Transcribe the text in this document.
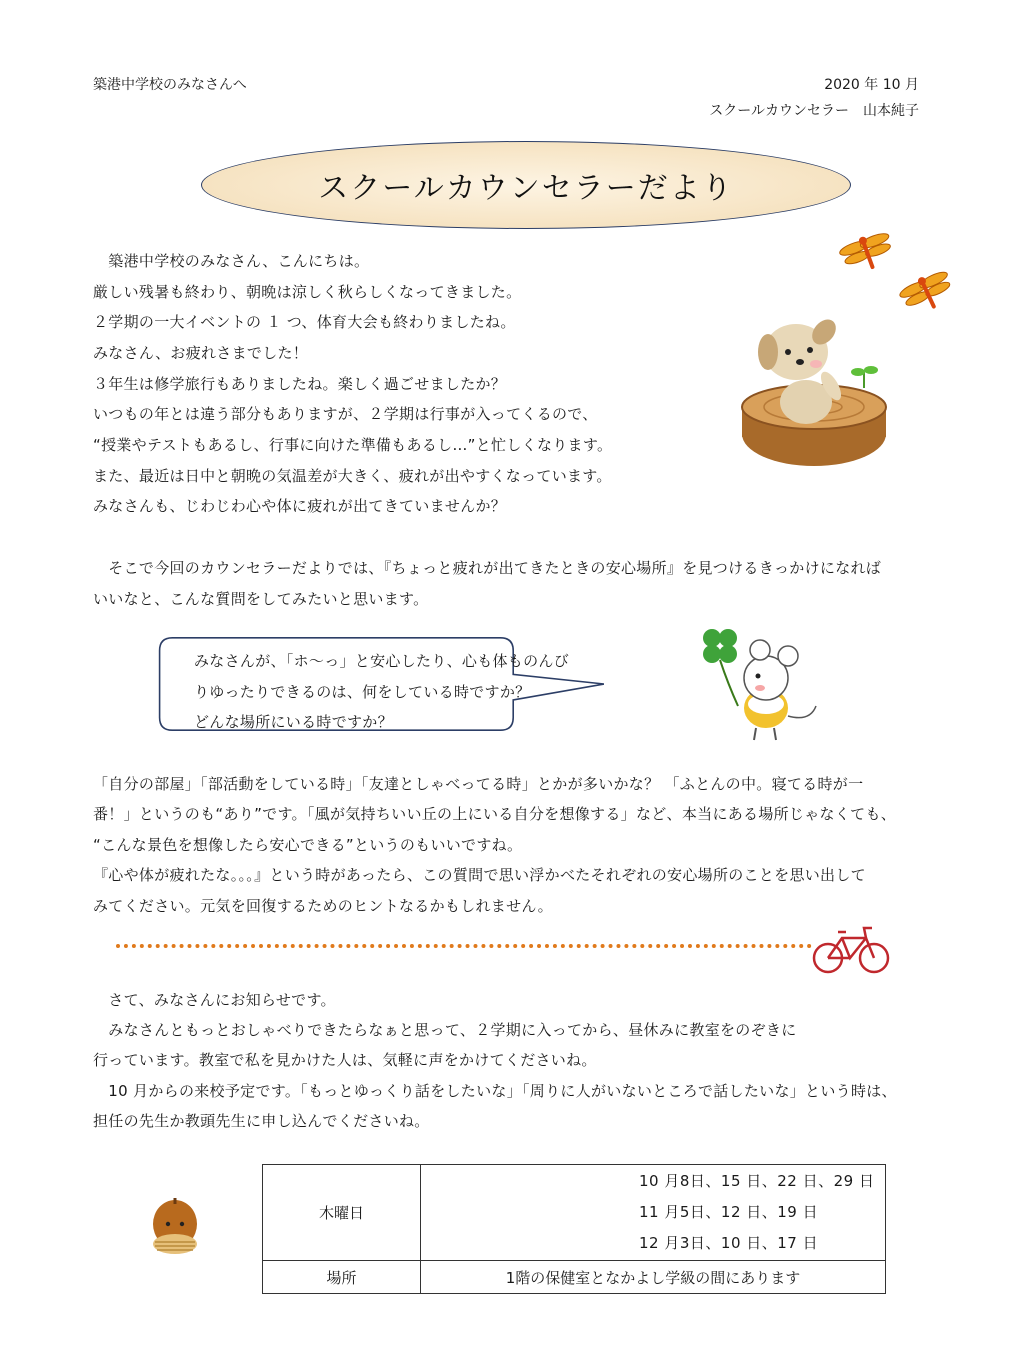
築港中学校のみなさんへ	2020 年 10 月
スクールカウンセラー　山本純子
スクールカウンセラーだより
　築港中学校のみなさん、こんにちは。
厳しい残暑も終わり、朝晩は涼しく秋らしくなってきました。
２学期の一大イベントの １ つ、体育大会も終わりましたね。
みなさん、お疲れさまでした！
３年生は修学旅行もありましたね。楽しく過ごせましたか？
いつもの年とは違う部分もありますが、２学期は行事が入ってくるので、
“授業やテストもあるし、行事に向けた準備もあるし…”と忙しくなります。
また、最近は日中と朝晩の気温差が大きく、疲れが出やすくなっています。
みなさんも、じわじわ心や体に疲れが出てきていませんか？
　そこで今回のカウンセラーだよりでは、『ちょっと疲れが出てきたときの安心場所』を見つけるきっかけになれば
いいなと、こんな質問をしてみたいと思います。
みなさんが、「ホ～っ」と安心したり、心も体ものんび
りゆったりできるのは、何をしている時ですか？
どんな場所にいる時ですか？
「自分の部屋」「部活動をしている時」「友達としゃべってる時」とかが多いかな？ 「ふとんの中。寝てる時が一
番！」というのも“あり”です。「風が気持ちいい丘の上にいる自分を想像する」など、本当にある場所じゃなくても、
“こんな景色を想像したら安心できる”というのもいいですね。
『心や体が疲れたな。。。』という時があったら、この質問で思い浮かべたそれぞれの安心場所のことを思い出して
みてください。元気を回復するためのヒントなるかもしれません。
　さて、みなさんにお知らせです。
　みなさんともっとおしゃべりできたらなぁと思って、２学期に入ってから、昼休みに教室をのぞきに
行っています。教室で私を見かけた人は、気軽に声をかけてくださいね。
　10 月からの来校予定です。「もっとゆっくり話をしたいな」「周りに人がいないところで話したいな」という時は、
担任の先生か教頭先生に申し込んでくださいね。
木曜日	10 月8日、15 日、22 日、29 日
11 月5日、12 日、19 日
12 月3日、10 日、17 日

場所	1階の保健室となかよし学級の間にあります
